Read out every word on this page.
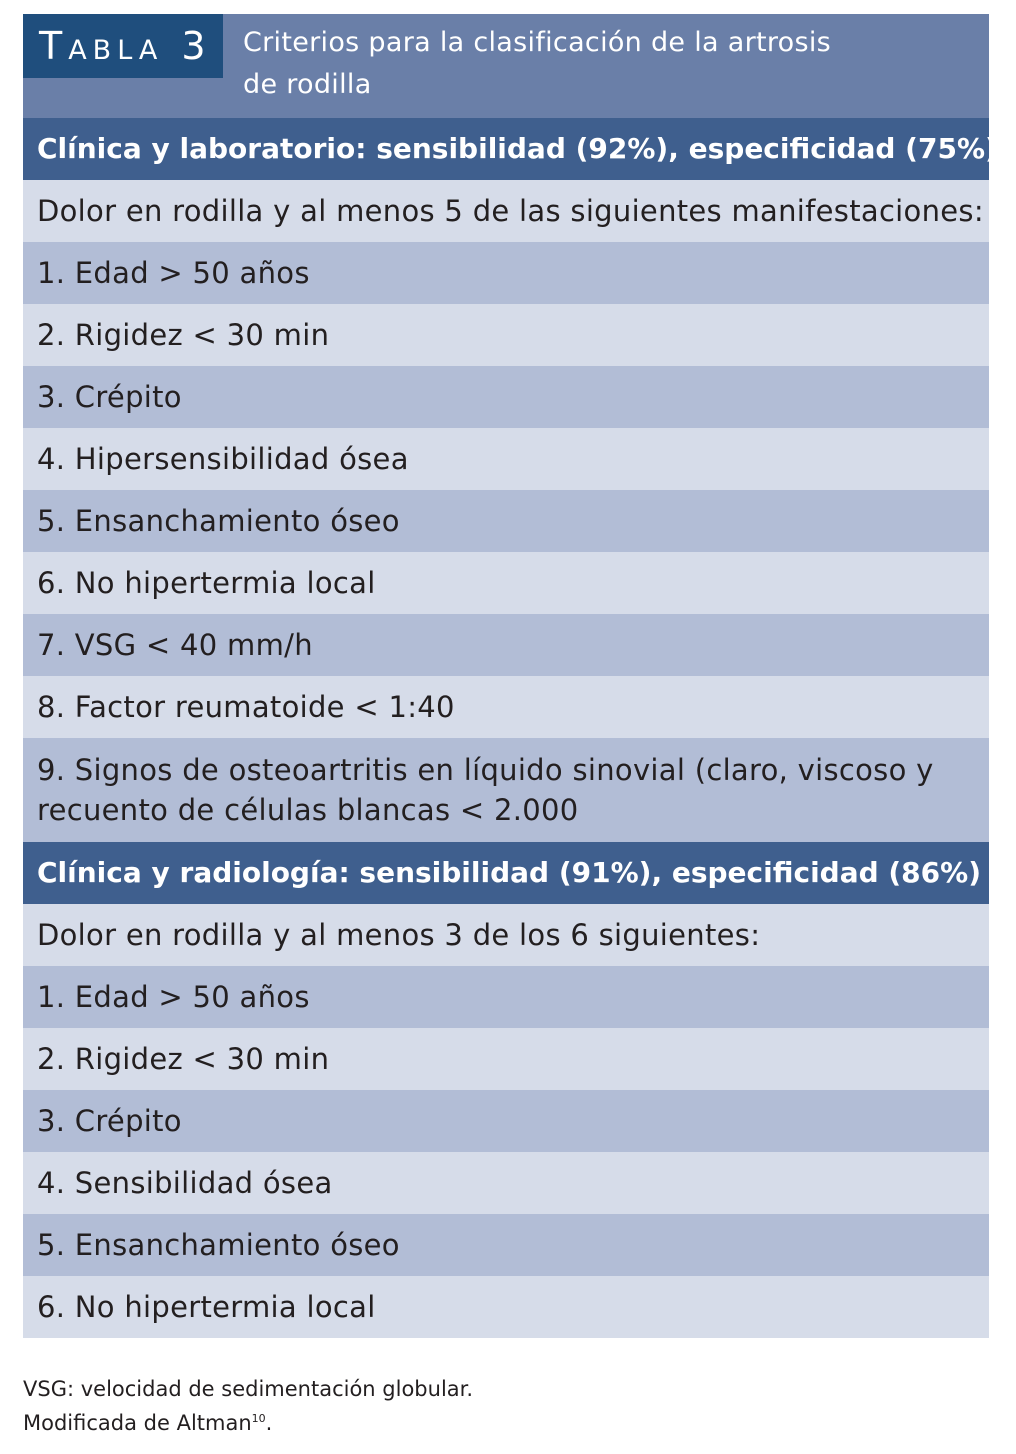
Tabla 3	Criterios para la clasificación de la artrosis
de rodilla
Clínica y laboratorio: sensibilidad (92%), especificidad (75%)
Dolor en rodilla y al menos 5 de las siguientes manifestaciones:
1. Edad > 50 años
2. Rigidez < 30 min
3. Crépito
4. Hipersensibilidad ósea
5. Ensanchamiento óseo
6. No hipertermia local
7. VSG < 40 mm/h
8. Factor reumatoide < 1:40
9. Signos de osteoartritis en líquido sinovial (claro, viscoso y
recuento de células blancas < 2.000
Clínica y radiología: sensibilidad (91%), especificidad (86%)
Dolor en rodilla y al menos 3 de los 6 siguientes:
1. Edad > 50 años
2. Rigidez < 30 min
3. Crépito
4. Sensibilidad ósea
5. Ensanchamiento óseo
6. No hipertermia local
VSG: velocidad de sedimentación globular.
Modificada de Altman$^{10}$.
